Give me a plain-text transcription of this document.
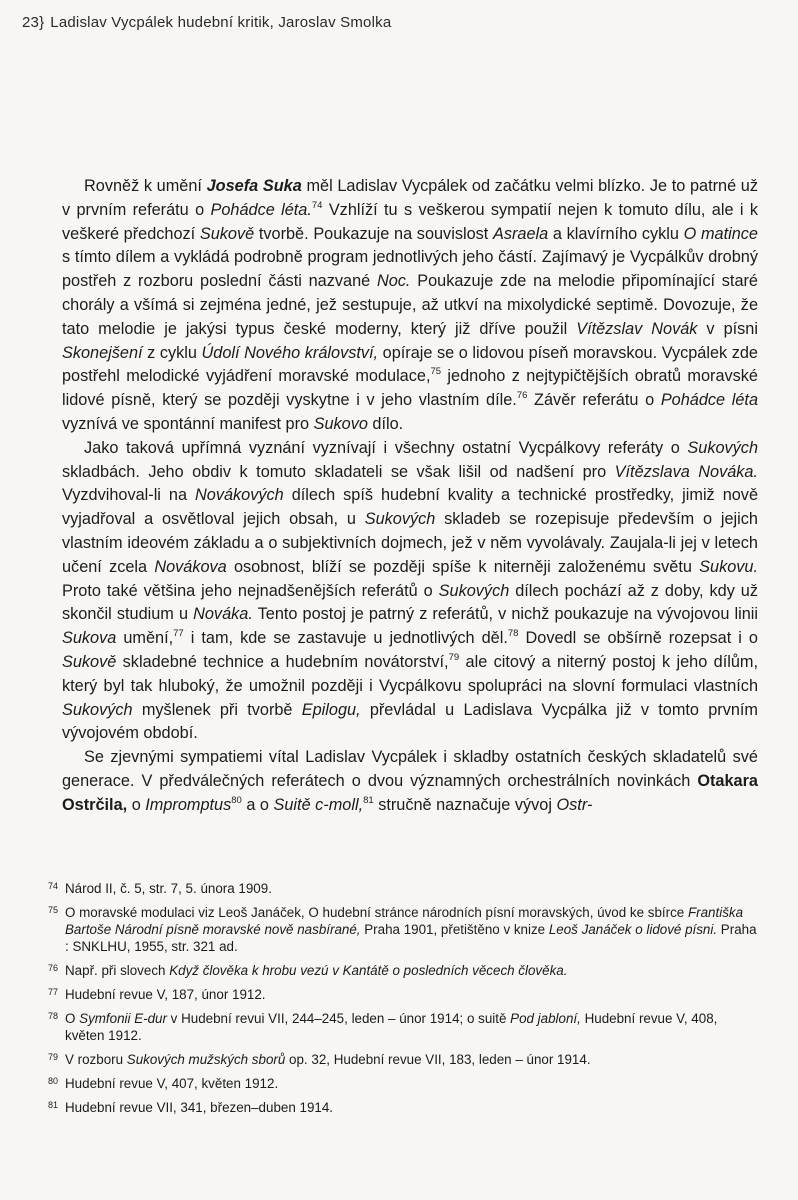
23} Ladislav Vycpálek hudební kritik, Jaroslav Smolka

Rovněž k umění Josefa Suka měl Ladislav Vycpálek od začátku velmi blízko. Je to patrné už v prvním referátu o Pohádce léta.$^{74}$ Vzhlíží tu s veškerou sympatií nejen k tomuto dílu, ale i k veškeré předchozí Sukově tvorbě. Poukazuje na souvislost Asraela a klavírního cyklu O matince s tímto dílem a vykládá podrobně program jednotlivých jeho částí. Zajímavý je Vycpálkův drobný postřeh z rozboru poslední části nazvané Noc. Poukazuje zde na melodie připomínající staré chorály a všímá si zejména jedné, jež sestupuje, až utkví na mixolydické septimě. Dovozuje, že tato melodie je jakýsi typus české moderny, který již dříve použil Vítězslav Novák v písni Skonejšení z cyklu Údolí Nového království, opíraje se o lidovou píseň moravskou. Vycpálek zde postřehl melodické vyjádření moravské modulace,$^{75}$ jednoho z nejtypičtějších obratů moravské lidové písně, který se později vyskytne i v jeho vlastním díle.$^{76}$ Závěr referátu o Pohádce léta vyznívá ve spontánní manifest pro Sukovo dílo.

Jako taková upřímná vyznání vyznívají i všechny ostatní Vycpálkovy referáty o Sukových skladbách. Jeho obdiv k tomuto skladateli se však lišil od nadšení pro Vítězslava Nováka. Vyzdvihoval-li na Novákových dílech spíš hudební kvality a technické prostředky, jimiž nově vyjadřoval a osvětloval jejich obsah, u Sukových skladeb se rozepisuje především o jejich vlastním ideovém základu a o subjektivních dojmech, jež v něm vyvolávaly. Zaujala-li jej v letech učení zcela Novákova osobnost, blíží se později spíše k niterněji založenému světu Sukovu. Proto také většina jeho nejnadšenějších referátů o Sukových dílech pochází až z doby, kdy už skončil studium u Nováka. Tento postoj je patrný z referátů, v nichž poukazuje na vývojovou linii Sukova umění,$^{77}$ i tam, kde se zastavuje u jednotlivých děl.$^{78}$ Dovedl se obšírně rozepsat i o Sukově skladebné technice a hudebním novátorství,$^{79}$ ale citový a niterný postoj k jeho dílům, který byl tak hluboký, že umožnil později i Vycpálkovu spolupráci na slovní formulaci vlastních Sukových myšlenek při tvorbě Epilogu, převládal u Ladislava Vycpálka již v tomto prvním vývojovém období.

Se zjevnými sympatiemi vítal Ladislav Vycpálek i skladby ostatních českých skladatelů své generace. V předválečných referátech o dvou významných orchestrálních novinkách Otakara Ostrčila, o Impromptus$^{80}$ a o Suitě c-moll,$^{81}$ stručně naznačuje vývoj Ostr-

74 Národ II, č. 5, str. 7, 5. února 1909.
75 O moravské modulaci viz Leoš Janáček, O hudební stránce národních písní moravských, úvod ke sbírce Františka Bartoše Národní písně moravské nově nasbírané, Praha 1901, přetištěno v knize Leoš Janáček o lidové písni. Praha : SNKLHU, 1955, str. 321 ad.
76 Např. při slovech Když člověka k hrobu vezú v Kantátě o posledních věcech člověka.
77 Hudební revue V, 187, únor 1912.
78 O Symfonii E-dur v Hudební revui VII, 244–245, leden – únor 1914; o suitě Pod jabloní, Hudební revue V, 408, květen 1912.
79 V rozboru Sukových mužských sborů op. 32, Hudební revue VII, 183, leden – únor 1914.
80 Hudební revue V, 407, květen 1912.
81 Hudební revue VII, 341, březen–duben 1914.
